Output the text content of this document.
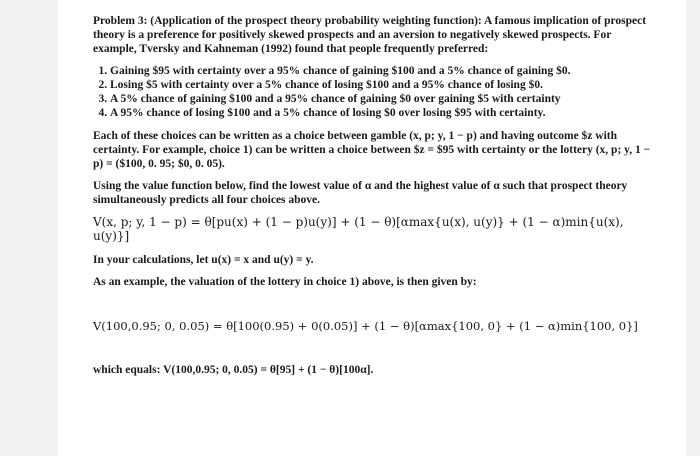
Problem 3: (Application of the prospect theory probability weighting function): A famous implication of prospect theory is a preference for positively skewed prospects and an aversion to negatively skewed prospects. For example, Tversky and Kahneman (1992) found that people frequently preferred:

1. Gaining $95 with certainty over a 95% chance of gaining $100 and a 5% chance of gaining $0.
2. Losing $5 with certainty over a 5% chance of losing $100 and a 95% chance of losing $0.
3. A 5% chance of gaining $100 and a 95% chance of gaining $0 over gaining $5 with certainty
4. A 95% chance of losing $100 and a 5% chance of losing $0 over losing $95 with certainty.

Each of these choices can be written as a choice between gamble (x, p; y, 1 − p) and having outcome $z with certainty. For example, choice 1) can be written a choice between $z = $95 with certainty or the lottery (x, p; y, 1 − p) = ($100, 0. 95; $0, 0. 05).

Using the value function below, find the lowest value of α and the highest value of α such that prospect theory simultaneously predicts all four choices above.

V(x, p; y, 1 − p) = θ[pu(x) + (1 − p)u(y)] + (1 − θ)[αmax{u(x), u(y)} + (1 − α)min{u(x), u(y)}]

In your calculations, let u(x) = x and u(y) = y.

As an example, the valuation of the lottery in choice 1) above, is then given by:

V(100,0.95; 0, 0.05) = θ[100(0.95) + 0(0.05)] + (1 − θ)[αmax{100, 0} + (1 − α)min{100, 0}]

which equals: V(100,0.95; 0, 0.05) = θ[95] + (1 − θ)[100α].
